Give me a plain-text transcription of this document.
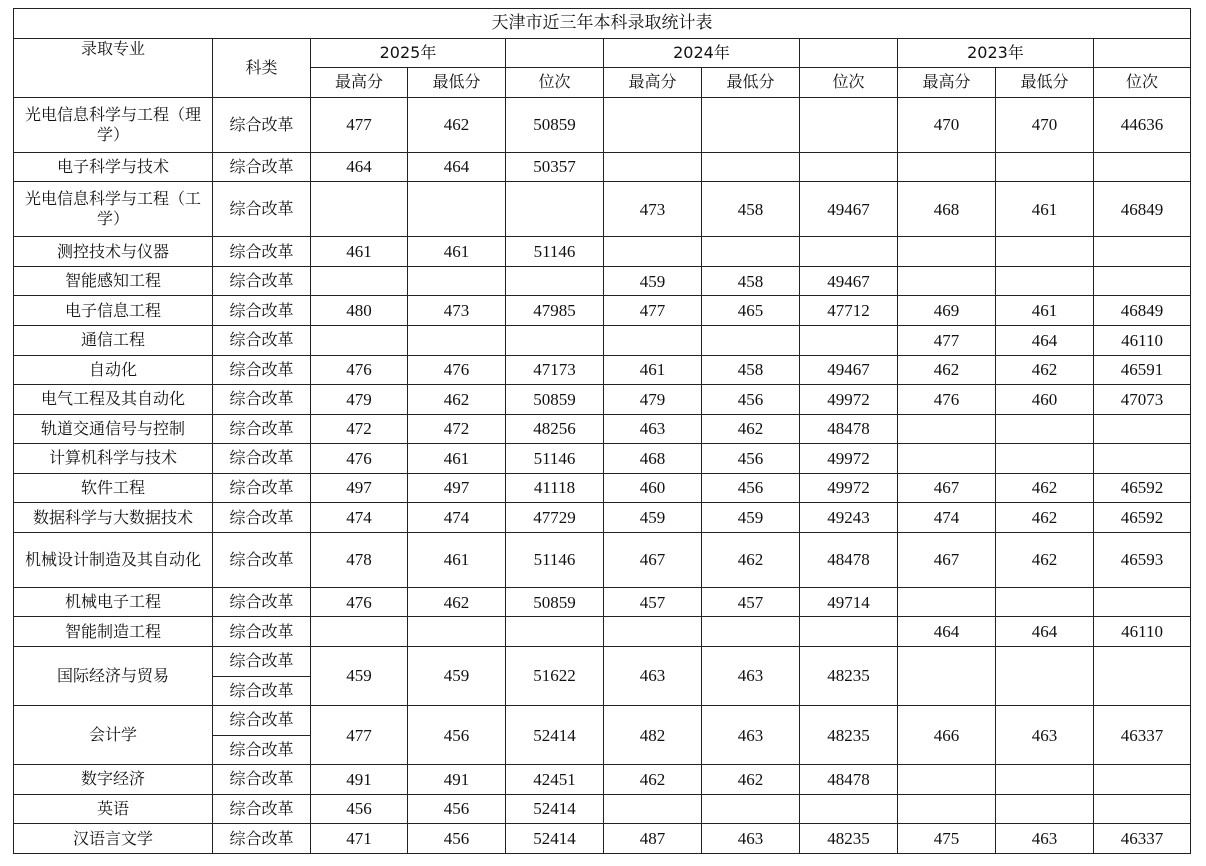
天津市近三年本科录取统计表										
录取专业	科类	2025年			2024年			2023年		
		最高分	最低分	位次	最高分	最低分	位次	最高分	最低分	位次
光电信息科学与工程（理学）	综合改革	477	462	50859				470	470	44636
电子科学与技术	综合改革	464	464	50357						
光电信息科学与工程（工学）	综合改革				473	458	49467	468	461	46849
测控技术与仪器	综合改革	461	461	51146						
智能感知工程	综合改革				459	458	49467			
电子信息工程	综合改革	480	473	47985	477	465	47712	469	461	46849
通信工程	综合改革							477	464	46110
自动化	综合改革	476	476	47173	461	458	49467	462	462	46591
电气工程及其自动化	综合改革	479	462	50859	479	456	49972	476	460	47073
轨道交通信号与控制	综合改革	472	472	48256	463	462	48478			
计算机科学与技术	综合改革	476	461	51146	468	456	49972			
软件工程	综合改革	497	497	41118	460	456	49972	467	462	46592
数据科学与大数据技术	综合改革	474	474	47729	459	459	49243	474	462	46592
机械设计制造及其自动化	综合改革	478	461	51146	467	462	48478	467	462	46593
机械电子工程	综合改革	476	462	50859	457	457	49714			
智能制造工程	综合改革							464	464	46110
国际经济与贸易	综合改革	459	459	51622	463	463	48235			
	综合改革									
会计学	综合改革	477	456	52414	482	463	48235	466	463	46337
	综合改革									
数字经济	综合改革	491	491	42451	462	462	48478			
英语	综合改革	456	456	52414						
汉语言文学	综合改革	471	456	52414	487	463	48235	475	463	46337
